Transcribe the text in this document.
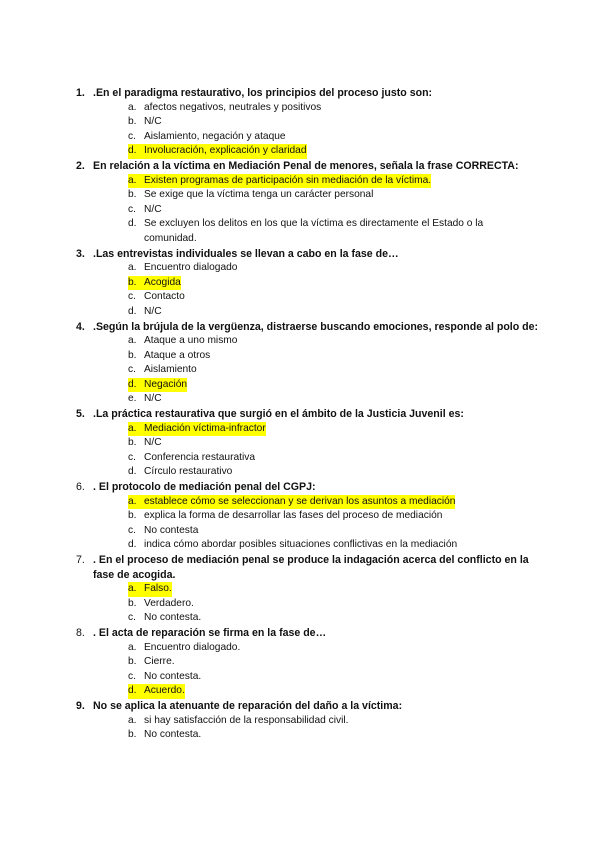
1. .En el paradigma restaurativo, los principios del proceso justo son:
a. afectos negativos, neutrales y positivos
b. N/C
c. Aislamiento, negación y ataque
d. Involucración, explicación y claridad
2. En relación a la víctima en Mediación Penal de menores, señala la frase CORRECTA:
a. Existen programas de participación sin mediación de la víctima.
b. Se exige que la víctima tenga un carácter personal
c. N/C
d. Se excluyen los delitos en los que la víctima es directamente el Estado o la comunidad.
3. .Las entrevistas individuales se llevan a cabo en la fase de…
a. Encuentro dialogado
b. Acogida
c. Contacto
d. N/C
4. .Según la brújula de la vergüenza, distraerse buscando emociones, responde al polo de:
a. Ataque a uno mismo
b. Ataque a otros
c. Aislamiento
d. Negación
e. N/C
5. .La práctica restaurativa que surgió en el ámbito de la Justicia Juvenil es:
a. Mediación víctima-infractor
b. N/C
c. Conferencia restaurativa
d. Círculo restaurativo
6. . El protocolo de mediación penal del CGPJ:
a. establece cómo se seleccionan y se derivan los asuntos a mediación
b. explica la forma de desarrollar las fases del proceso de mediación
c. No contesta
d. indica cómo abordar posibles situaciones conflictivas en la mediación
7. . En el proceso de mediación penal se produce la indagación acerca del conflicto en la fase de acogida.
a. Falso.
b. Verdadero.
c. No contesta.
8. . El acta de reparación se firma en la fase de…
a. Encuentro dialogado.
b. Cierre.
c. No contesta.
d. Acuerdo.
9. No se aplica la atenuante de reparación del daño a la víctima:
a. si hay satisfacción de la responsabilidad civil.
b. No contesta.
